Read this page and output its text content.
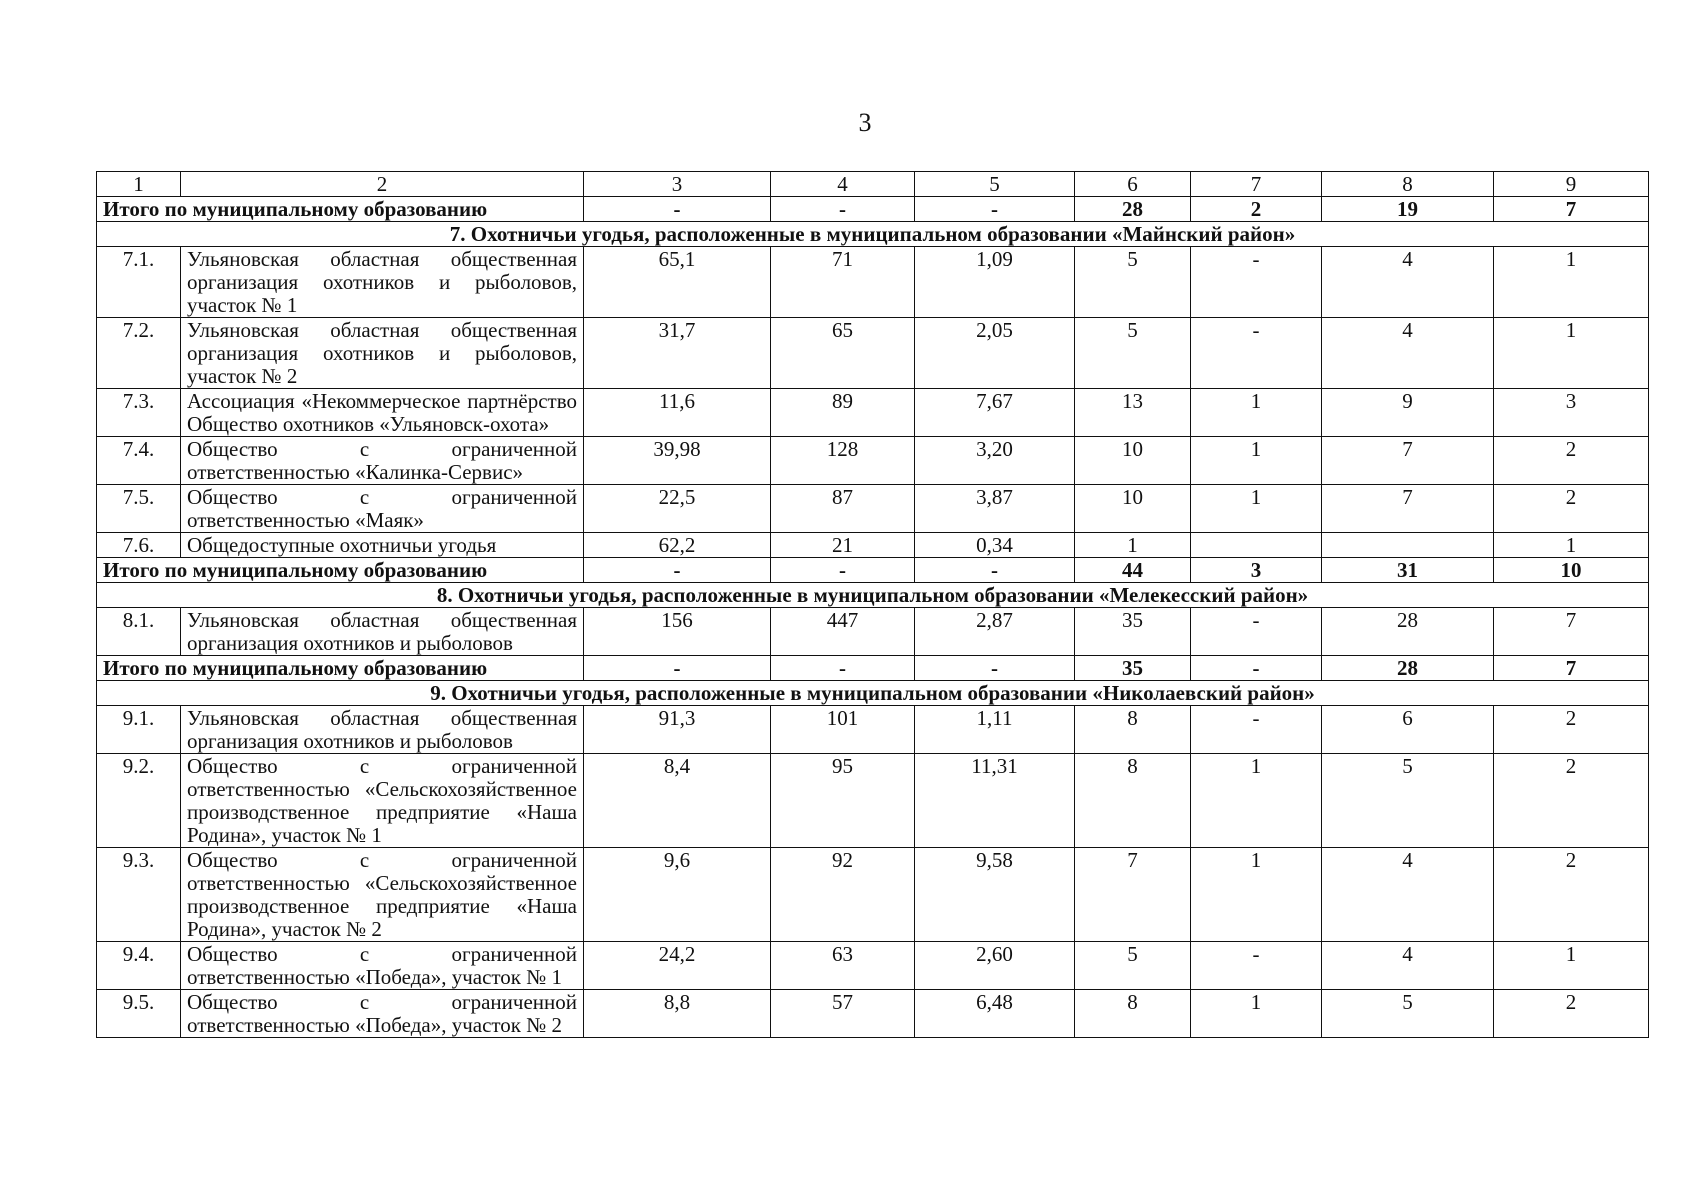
3
1	2	3	4	5	6	7	8	9
Итого по муниципальному образованию		-	-	-	28	2	19	7
7. Охотничьи угодья, расположенные в муниципальном образовании «Майнский район»								
7.1.	Ульяновская областная общественная организация охотников и рыболовов, участок № 1	65,1	71	1,09	5	-	4	1
7.2.	Ульяновская областная общественная организация охотников и рыболовов, участок № 2	31,7	65	2,05	5	-	4	1
7.3.	Ассоциация «Некоммерческое партнёрство Общество охотников «Ульяновск-охота»	11,6	89	7,67	13	1	9	3
7.4.	Общество с ограниченной ответственностью «Калинка-Сервис»	39,98	128	3,20	10	1	7	2
7.5.	Общество с ограниченной ответственностью «Маяк»	22,5	87	3,87	10	1	7	2
7.6.	Общедоступные охотничьи угодья	62,2	21	0,34	1			1
Итого по муниципальному образованию		-	-	-	44	3	31	10
8. Охотничьи угодья, расположенные в муниципальном образовании «Мелекесский район»								
8.1.	Ульяновская областная общественная организация охотников и рыболовов	156	447	2,87	35	-	28	7
Итого по муниципальному образованию		-	-	-	35	-	28	7
9. Охотничьи угодья, расположенные в муниципальном образовании «Николаевский район»								
9.1.	Ульяновская областная общественная организация охотников и рыболовов	91,3	101	1,11	8	-	6	2
9.2.	Общество с ограниченной ответственностью «Сельскохозяйственное производственное предприятие «Наша Родина», участок № 1	8,4	95	11,31	8	1	5	2
9.3.	Общество с ограниченной ответственностью «Сельскохозяйственное производственное предприятие «Наша Родина», участок № 2	9,6	92	9,58	7	1	4	2
9.4.	Общество с ограниченной ответственностью «Победа», участок № 1	24,2	63	2,60	5	-	4	1
9.5.	Общество с ограниченной ответственностью «Победа», участок № 2	8,8	57	6,48	8	1	5	2
